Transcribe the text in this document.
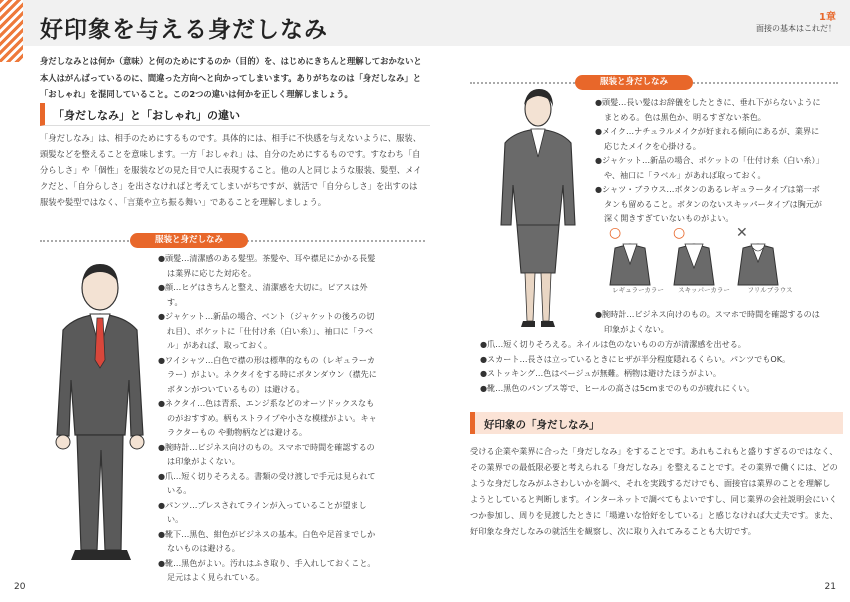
好印象を与える身だしなみ	1章
面接の基本はこれだ！
身だしなみとは何か（意味）と何のためにするのか（目的）を、はじめにきちんと理解しておかないと本人はがんばっているのに、間違った方向へと向かってしまいます。ありがちなのは「身だしなみ」と「おしゃれ」を混同していること。この2つの違いは何かを正しく理解しましょう。
「身だしなみ」と「おしゃれ」の違い
「身だしなみ」は、相手のためにするものです。具体的には、相手に不快感を与えないように、服装、頭髪などを整えることを意味します。一方「おしゃれ」は、自分のためにするものです。すなわち「自分らしさ」や「個性」を服装などの見た目で人に表現すること。他の人と同じような服装、髪型、メイクだと、「自分らしさ」を出さなければと考えてしまいがちですが、就活で「自分らしさ」を出すのは服装や髪型ではなく、「言葉や立ち振る舞い」であることを理解しましょう。
服装と身だしなみ

●頭髪…清潔感のある髪型。茶髪や、耳や襟足にかかる長髪は業界に応じた対応を。

●顔…ヒゲはきちんと整え、清潔感を大切に。ピアスは外す。

●ジャケット…新品の場合、ベント（ジャケットの後ろの切れ目）、ポケットに「仕付け糸（白い糸）」、袖口に「ラベル」があれば、取っておく。

●ワイシャツ…白色で襟の形は標準的なもの（レギュラーカラー）がよい。ネクタイをする時にボタンダウン（襟先にボタンがついているもの）は避ける。

●ネクタイ…色は青系、エンジ系などのオーソドックスなものがおすすめ。柄もストライプや小さな模様がよい。キャラクターもの や動物柄などは避ける。

●腕時計…ビジネス向けのもの。スマホで時間を確認するのは印象がよくない。

●爪…短く切りそろえる。書類の受け渡しで手元は見られている。

●パンツ…プレスされてラインが入っていることが望ましい。

●靴下…黒色、紺色がビジネスの基本。白色や足首までしかないものは避ける。

●靴…黒色がよい。汚れはふき取り、手入れしておくこと。足元はよく見られている。

服装と身だしなみ

●頭髪…長い髪はお辞儀をしたときに、垂れ下がらないようにまとめる。色は黒色か、明るすぎない茶色。

●メイク…ナチュラルメイクが好まれる傾向にあるが、業界に応じたメイクを心掛ける。

●ジャケット…新品の場合、ポケットの「仕付け糸（白い糸）」や、袖口に「ラベル」があれば取っておく。

●シャツ・ブラウス…ボタンのあるレギュラータイプは第一ボタンも留めること。ボタンのないスキッパータイプは胸元が深く開きすぎていないものがよい。

○	○	✕
レギュラーカラー スキッパーカラー	フリルブラウス

●腕時計…ビジネス向けのもの。スマホで時間を確認するのは印象がよくない。

●爪…短く切りそろえる。ネイルは色のないものの方が清潔感を出せる。

●スカート…長さは立っているときにヒザが半分程度隠れるくらい。パンツでもOK。

●ストッキング…色はベージュが無難。柄物は避けたほうがよい。

●靴…黒色のパンプス等で、ヒールの高さは5cmまでのものが疲れにくい。

好印象の「身だしなみ」
受ける企業や業界に合った「身だしなみ」をすることです。あれもこれもと盛りすぎるのではなく、その業界での最低限必要と考えられる「身だしなみ」を整えることです。その業界で働くには、どのような身だしなみがふさわしいかを調べ、それを実践するだけでも、面接官は業界のことを理解しようとしていると判断します。インターネットで調べてもよいですし、同じ業界の会社説明会にいくつか参加し、周りを見渡したときに「場違いな恰好をしている」と感じなければ大丈夫です。また、好印象な身だしなみの就活生を観察し、次に取り入れてみることも大切です。
20	21
